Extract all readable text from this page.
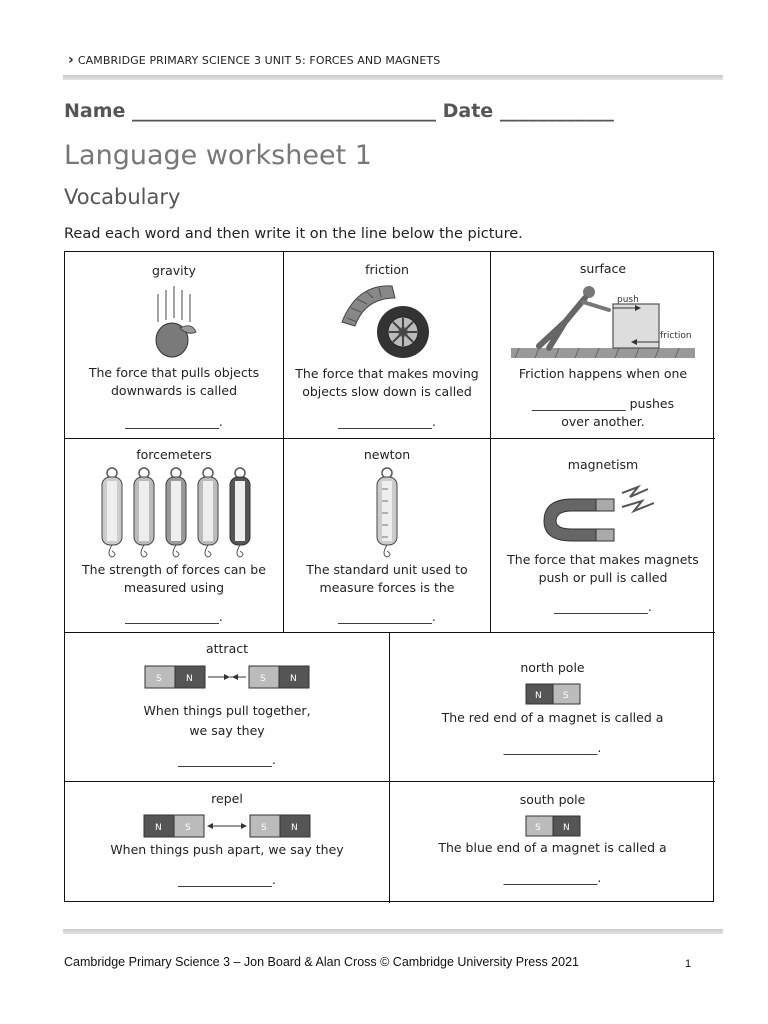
› CAMBRIDGE PRIMARY SCIENCE 3 UNIT 5: FORCES AND MAGNETS
Name ________________________________ Date ____________
Language worksheet 1
Vocabulary
Read each word and then write it on the line below the picture.
gravity
The force that pulls objects
downwards is called
_______________.
friction
The force that makes moving
objects slow down is called
_______________.
surface
push
friction
Friction happens when one
_______________ pushes
over another.
forcemeters
The strength of forces can be
measured using
_______________.
newton
The standard unit used to
measure forces is the
_______________.
magnetism
The force that makes magnets
push or pull is called
_______________.
attract
S	N	S	N
When things pull together,
we say they
_______________.
north pole
N S
The red end of a magnet is called a
_______________.
repel
N	S	S	N
When things push apart, we say they
_______________.
south pole
S N
The blue end of a magnet is called a
_______________.
Cambridge Primary Science 3 – Jon Board & Alan Cross © Cambridge University Press 2021	1
